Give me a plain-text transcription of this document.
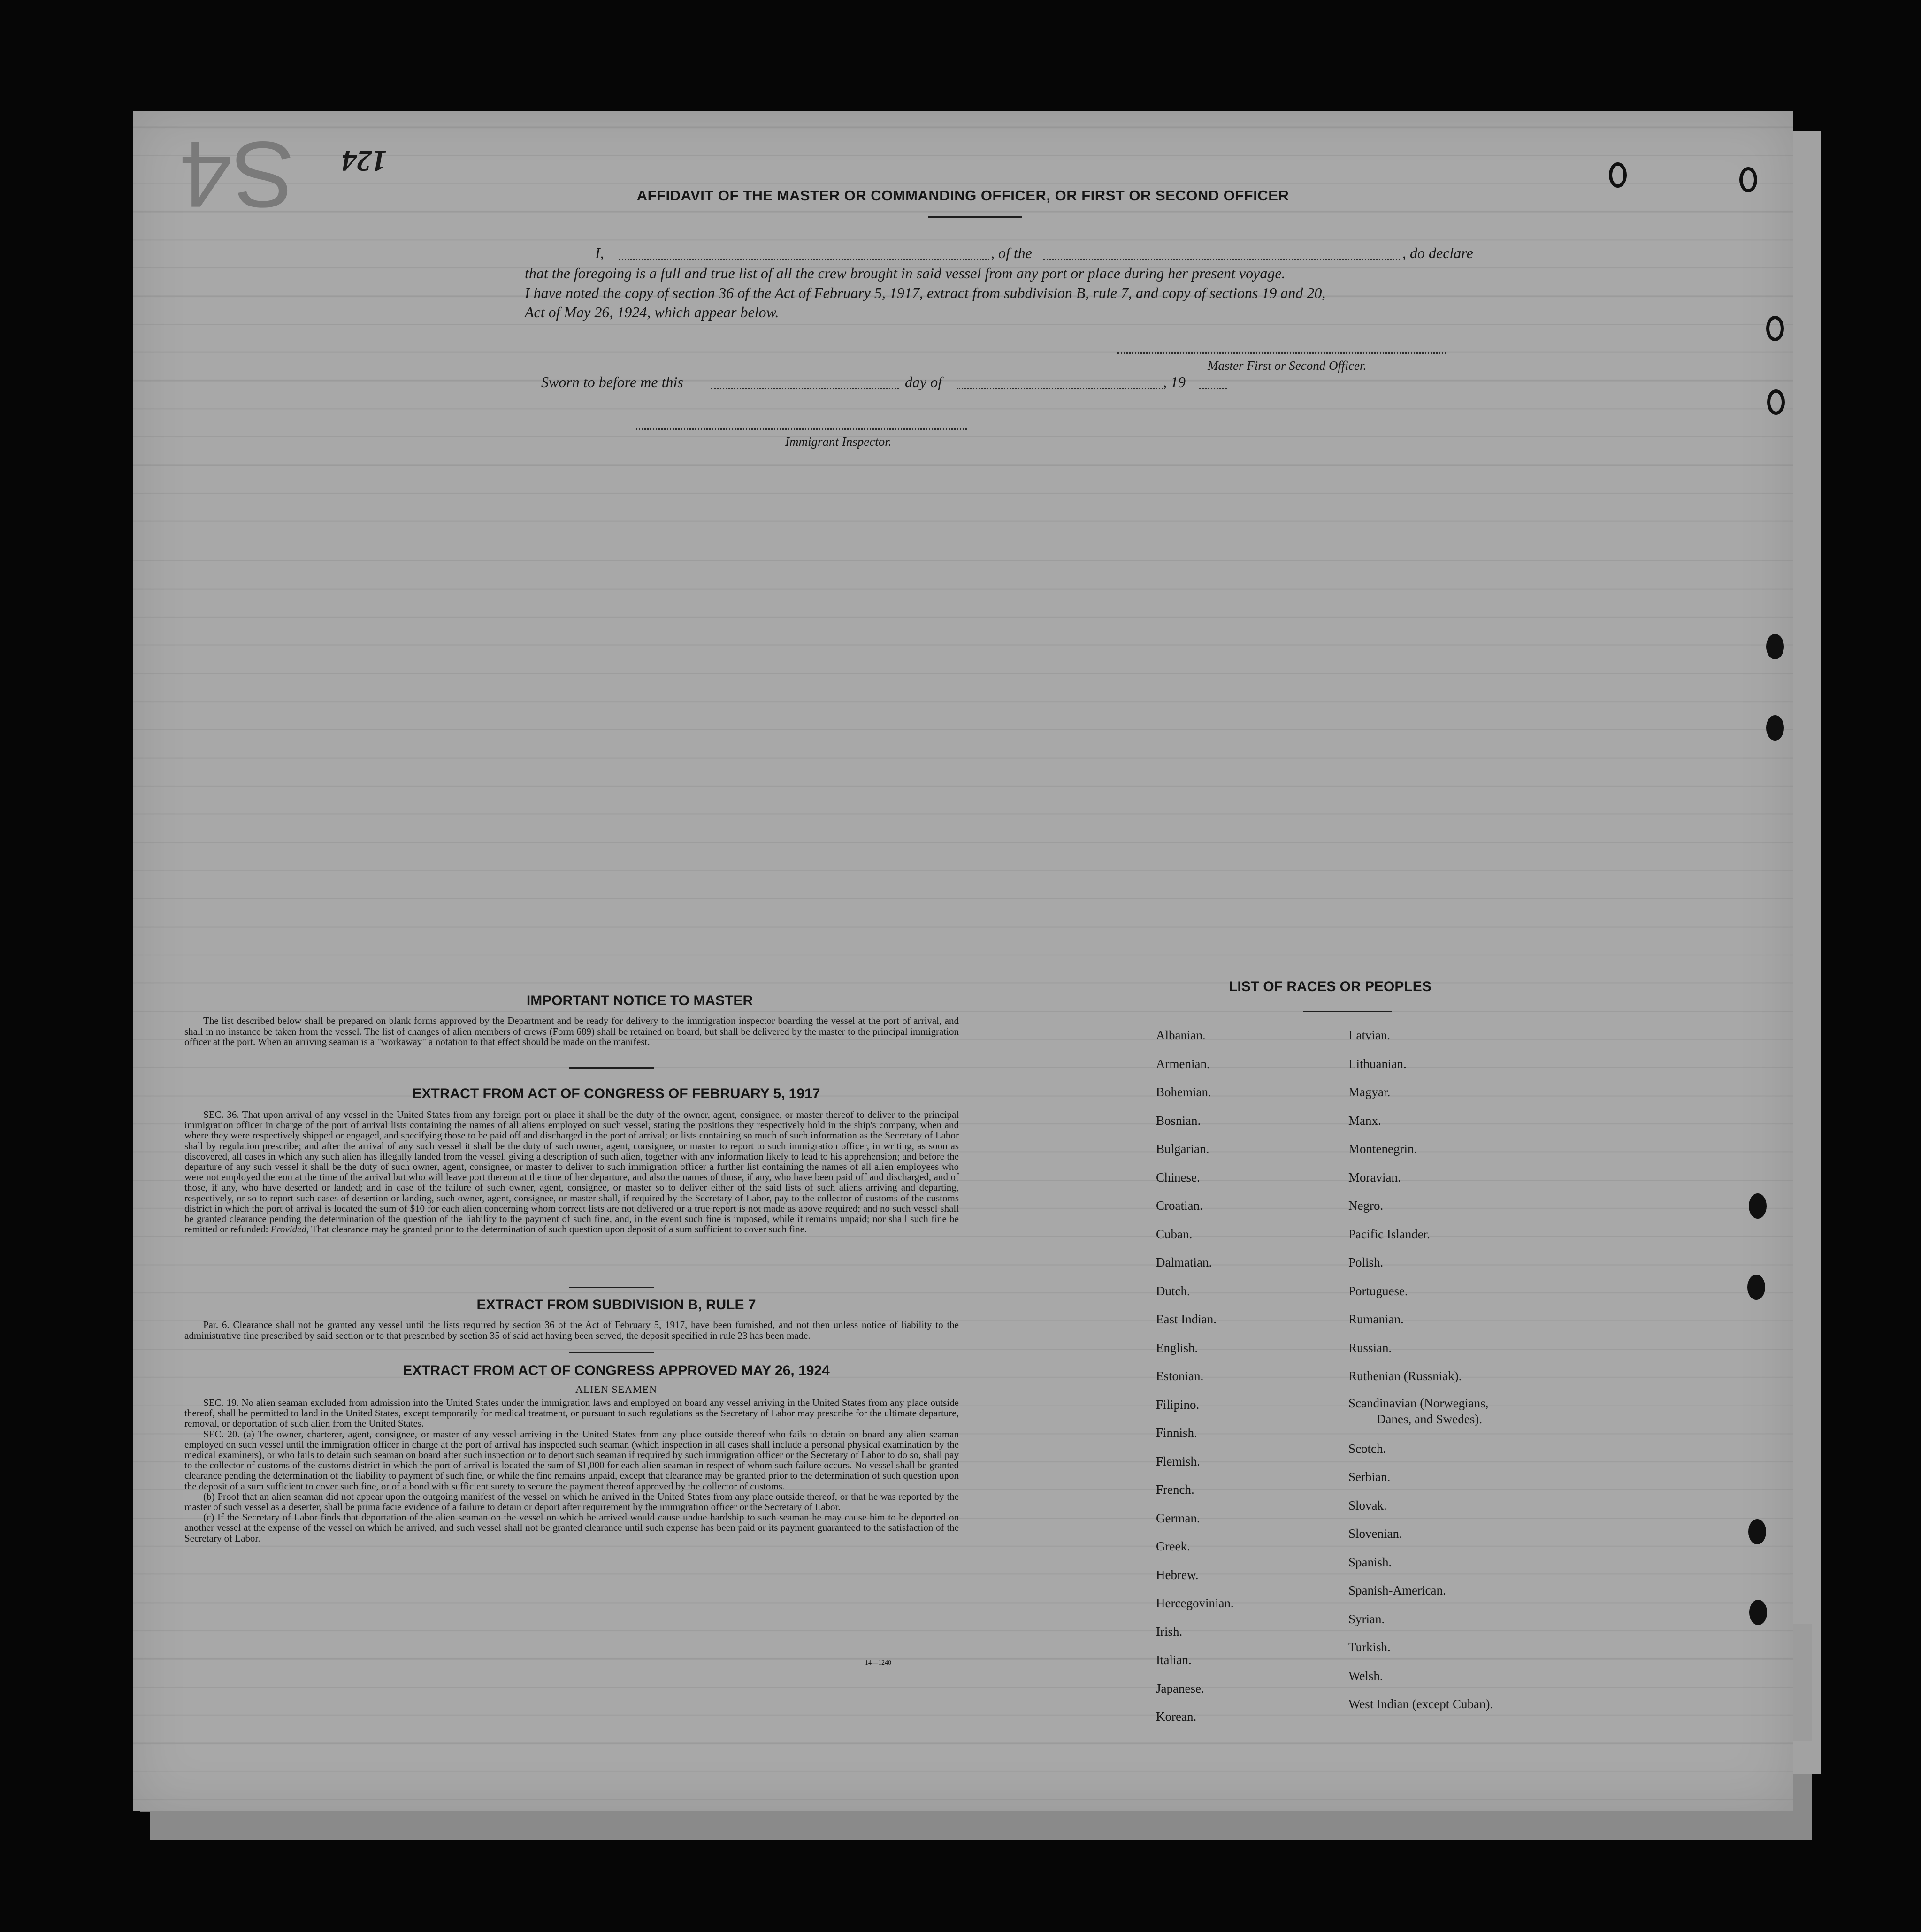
124
S4	AFFIDAVIT OF THE MASTER OR COMMANDING OFFICER, OR FIRST OR SECOND OFFICER
I,	, of the	, do declare
that the foregoing is a full and true list of all the crew brought in said vessel from any port or place during her present voyage.
I have noted the copy of section 36 of the Act of February 5, 1917, extract from subdivision B, rule 7, and copy of sections 19 and 20,
Act of May 26, 1924, which appear below.
Master First or Second Officer.
Sworn to before me this	day of	, 19
Immigrant Inspector.
IMPORTANT NOTICE TO MASTER
The list described below shall be prepared on blank forms approved by the Department and be ready for delivery to the immigration inspector boarding the vessel at the port of arrival, and shall in no instance be taken from the vessel. The list of changes of alien members of crews (Form 689) shall be retained on board, but shall be delivered by the master to the principal immigration officer at the port. When an arriving seaman is a "workaway" a notation to that effect should be made on the manifest.
EXTRACT FROM ACT OF CONGRESS OF FEBRUARY 5, 1917
SEC. 36. That upon arrival of any vessel in the United States from any foreign port or place it shall be the duty of the owner, agent, consignee, or master thereof to deliver to the principal immigration officer in charge of the port of arrival lists containing the names of all aliens employed on such vessel, stating the positions they respectively hold in the ship's company, when and where they were respectively shipped or engaged, and specifying those to be paid off and discharged in the port of arrival; or lists containing so much of such information as the Secretary of Labor shall by regulation prescribe; and after the arrival of any such vessel it shall be the duty of such owner, agent, consignee, or master to report to such immigration officer, in writing, as soon as discovered, all cases in which any such alien has illegally landed from the vessel, giving a description of such alien, together with any information likely to lead to his apprehension; and before the departure of any such vessel it shall be the duty of such owner, agent, consignee, or master to deliver to such immigration officer a further list containing the names of all alien employees who were not employed thereon at the time of the arrival but who will leave port thereon at the time of her departure, and also the names of those, if any, who have been paid off and discharged, and of those, if any, who have deserted or landed; and in case of the failure of such owner, agent, consignee, or master so to deliver either of the said lists of such aliens arriving and departing, respectively, or so to report such cases of desertion or landing, such owner, agent, consignee, or master shall, if required by the Secretary of Labor, pay to the collector of customs of the customs district in which the port of arrival is located the sum of $10 for each alien concerning whom correct lists are not delivered or a true report is not made as above required; and no such vessel shall be granted clearance pending the determination of the question of the liability to the payment of such fine, and, in the event such fine is imposed, while it remains unpaid; nor shall such fine be remitted or refunded: Provided, That clearance may be granted prior to the determination of such question upon deposit of a sum sufficient to cover such fine.
EXTRACT FROM SUBDIVISION B, RULE 7
Par. 6. Clearance shall not be granted any vessel until the lists required by section 36 of the Act of February 5, 1917, have been furnished, and not then unless notice of liability to the administrative fine prescribed by said section or to that prescribed by section 35 of said act having been served, the deposit specified in rule 23 has been made.
EXTRACT FROM ACT OF CONGRESS APPROVED MAY 26, 1924
ALIEN SEAMEN
SEC. 19. No alien seaman excluded from admission into the United States under the immigration laws and employed on board any vessel arriving in the United States from any place outside thereof, shall be permitted to land in the United States, except temporarily for medical treatment, or pursuant to such regulations as the Secretary of Labor may prescribe for the ultimate departure, removal, or deportation of such alien from the United States.
SEC. 20. (a) The owner, charterer, agent, consignee, or master of any vessel arriving in the United States from any place outside thereof who fails to detain on board any alien seaman employed on such vessel until the immigration officer in charge at the port of arrival has inspected such seaman (which inspection in all cases shall include a personal physical examination by the medical examiners), or who fails to detain such seaman on board after such inspection or to deport such seaman if required by such immigration officer or the Secretary of Labor to do so, shall pay to the collector of customs of the customs district in which the port of arrival is located the sum of $1,000 for each alien seaman in respect of whom such failure occurs. No vessel shall be granted clearance pending the determination of the liability to payment of such fine, or while the fine remains unpaid, except that clearance may be granted prior to the determination of such question upon the deposit of a sum sufficient to cover such fine, or of a bond with sufficient surety to secure the payment thereof approved by the collector of customs.
(b) Proof that an alien seaman did not appear upon the outgoing manifest of the vessel on which he arrived in the United States from any place outside thereof, or that he was reported by the master of such vessel as a deserter, shall be prima facie evidence of a failure to detain or deport after requirement by the immigration officer or the Secretary of Labor.
(c) If the Secretary of Labor finds that deportation of the alien seaman on the vessel on which he arrived would cause undue hardship to such seaman he may cause him to be deported on another vessel at the expense of the vessel on which he arrived, and such vessel shall not be granted clearance until such expense has been paid or its payment guaranteed to the satisfaction of the Secretary of Labor.
14—1240
LIST OF RACES OR PEOPLES
Albanian.
Armenian.
Bohemian.
Bosnian.
Bulgarian.
Chinese.
Croatian.
Cuban.
Dalmatian.
Dutch.
East Indian.
English.
Estonian.
Filipino.
Finnish.
Flemish.
French.
German.
Greek.
Hebrew.
Hercegovinian.
Irish.
Italian.
Japanese.
Korean.
Latvian.
Lithuanian.
Magyar.
Manx.
Montenegrin.
Moravian.
Negro.
Pacific Islander.
Polish.
Portuguese.
Rumanian.
Russian.
Ruthenian (Russniak).
Scandinavian (Norwegians,
Danes, and Swedes).
Scotch.
Serbian.
Slovak.
Slovenian.
Spanish.
Spanish-American.
Syrian.
Turkish.
Welsh.
West Indian (except Cuban).
